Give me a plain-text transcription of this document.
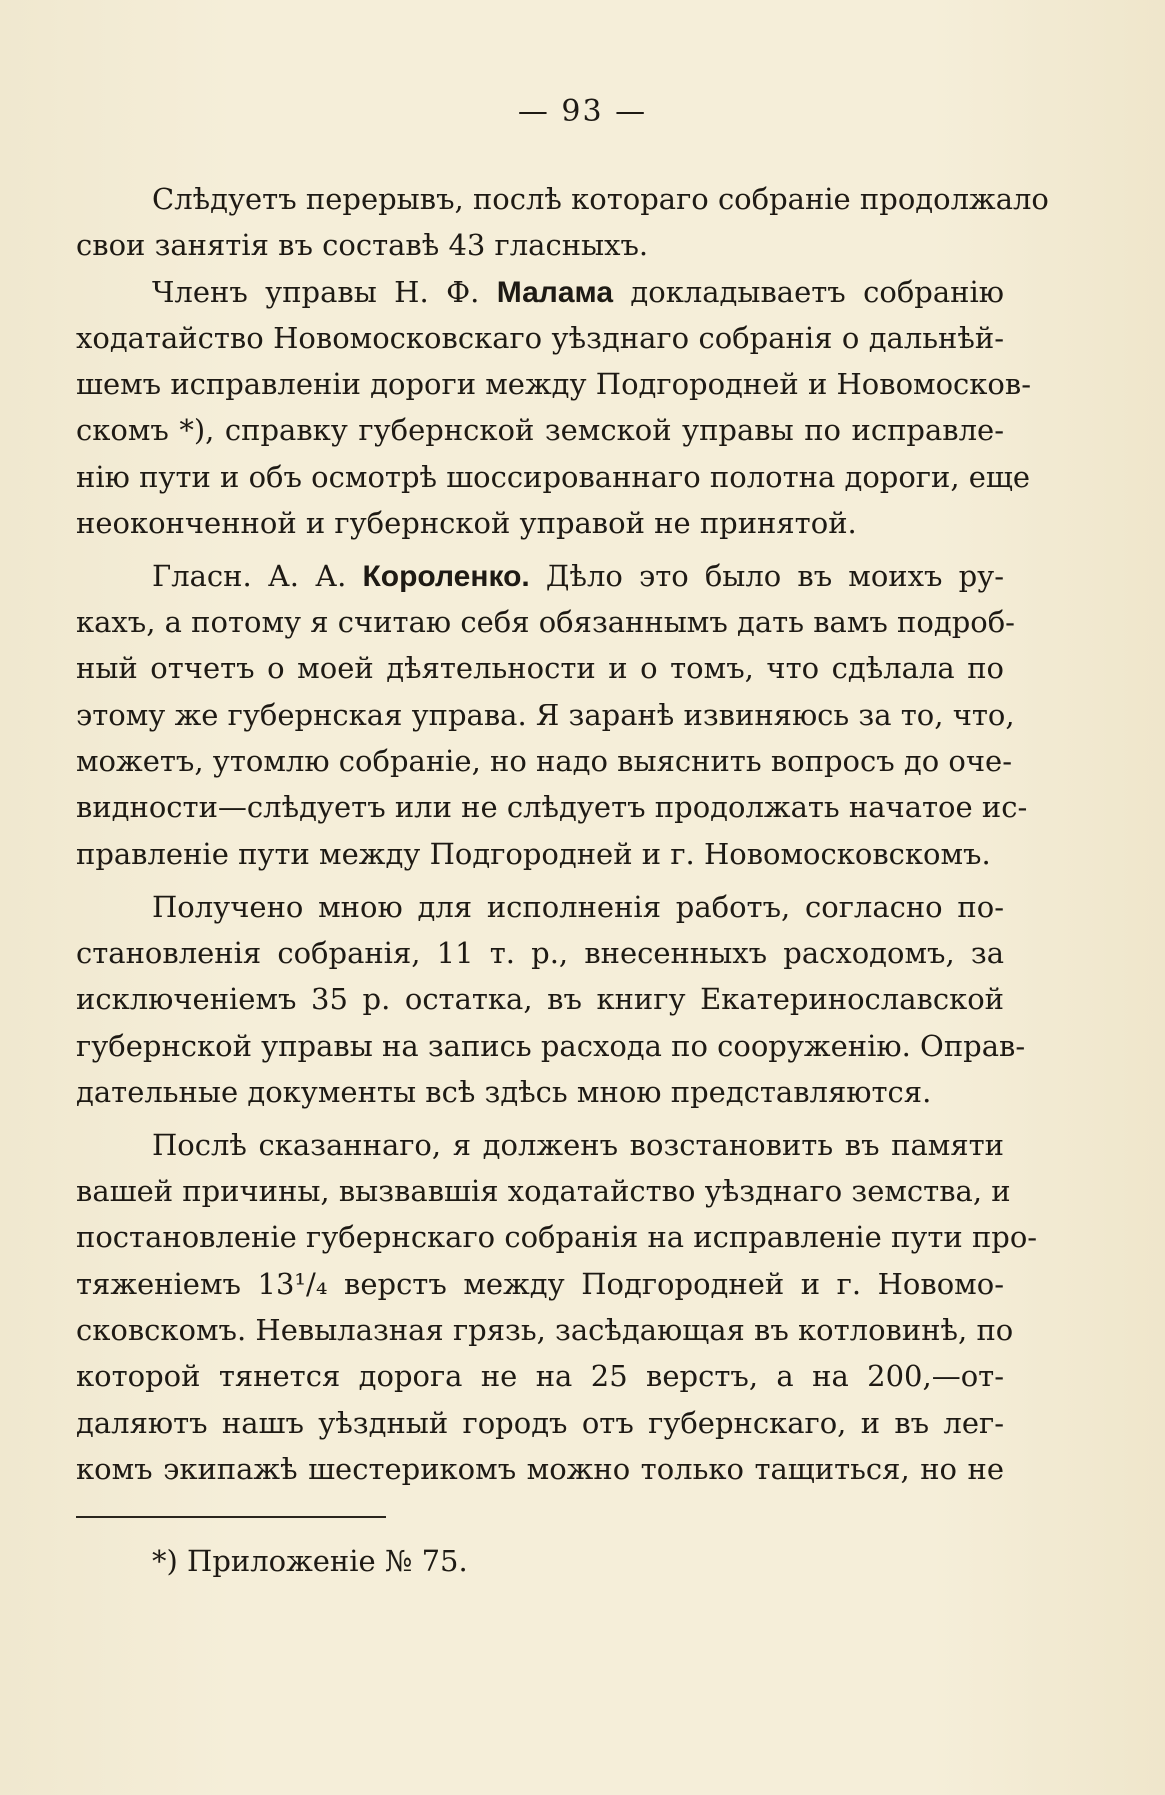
— 93 —
Слѣдуетъ перерывъ, послѣ котораго собраніе продолжало
свои занятія въ составѣ 43 гласныхъ.
Членъ управы Н. Ф. Малама докладываетъ собранію
ходатайство Новомосковскаго уѣзднаго собранія о дальнѣй-
шемъ исправленіи дороги между Подгородней и Новомосков-
скомъ *), справку губернской земской управы по исправле-
нію пути и объ осмотрѣ шоссированнаго полотна дороги, еще
неоконченной и губернской управой не принятой.
Гласн. А. А. Короленко. Дѣло это было въ моихъ ру-
кахъ, а потому я считаю себя обязаннымъ дать вамъ подроб-
ный отчетъ о моей дѣятельности и о томъ, что сдѣлала по
этому же губернская управа. Я заранѣ извиняюсь за то, что,
можетъ, утомлю собраніе, но надо выяснить вопросъ до оче-
видности—слѣдуетъ или не слѣдуетъ продолжать начатое ис-
правленіе пути между Подгородней и г. Новомосковскомъ.
Получено мною для исполненія работъ, согласно по-
становленія собранія, 11 т. р., внесенныхъ расходомъ, за
исключеніемъ 35 р. остатка, въ книгу Екатеринославской
губернской управы на запись расхода по сооруженію. Оправ-
дательные документы всѣ здѣсь мною представляются.
Послѣ сказаннаго, я долженъ возстановить въ памяти
вашей причины, вызвавшія ходатайство уѣзднаго земства, и
постановленіе губернскаго собранія на исправленіе пути про-
тяженіемъ 13¹/₄ верстъ между Подгородней и г. Новомо-
сковскомъ. Невылазная грязь, засѣдающая въ котловинѣ, по
которой тянется дорога не на 25 верстъ, а на 200,—от-
даляютъ нашъ уѣздный городъ отъ губернскаго, и въ лег-
комъ экипажѣ шестерикомъ можно только тащиться, но не
*) Приложеніе № 75.
